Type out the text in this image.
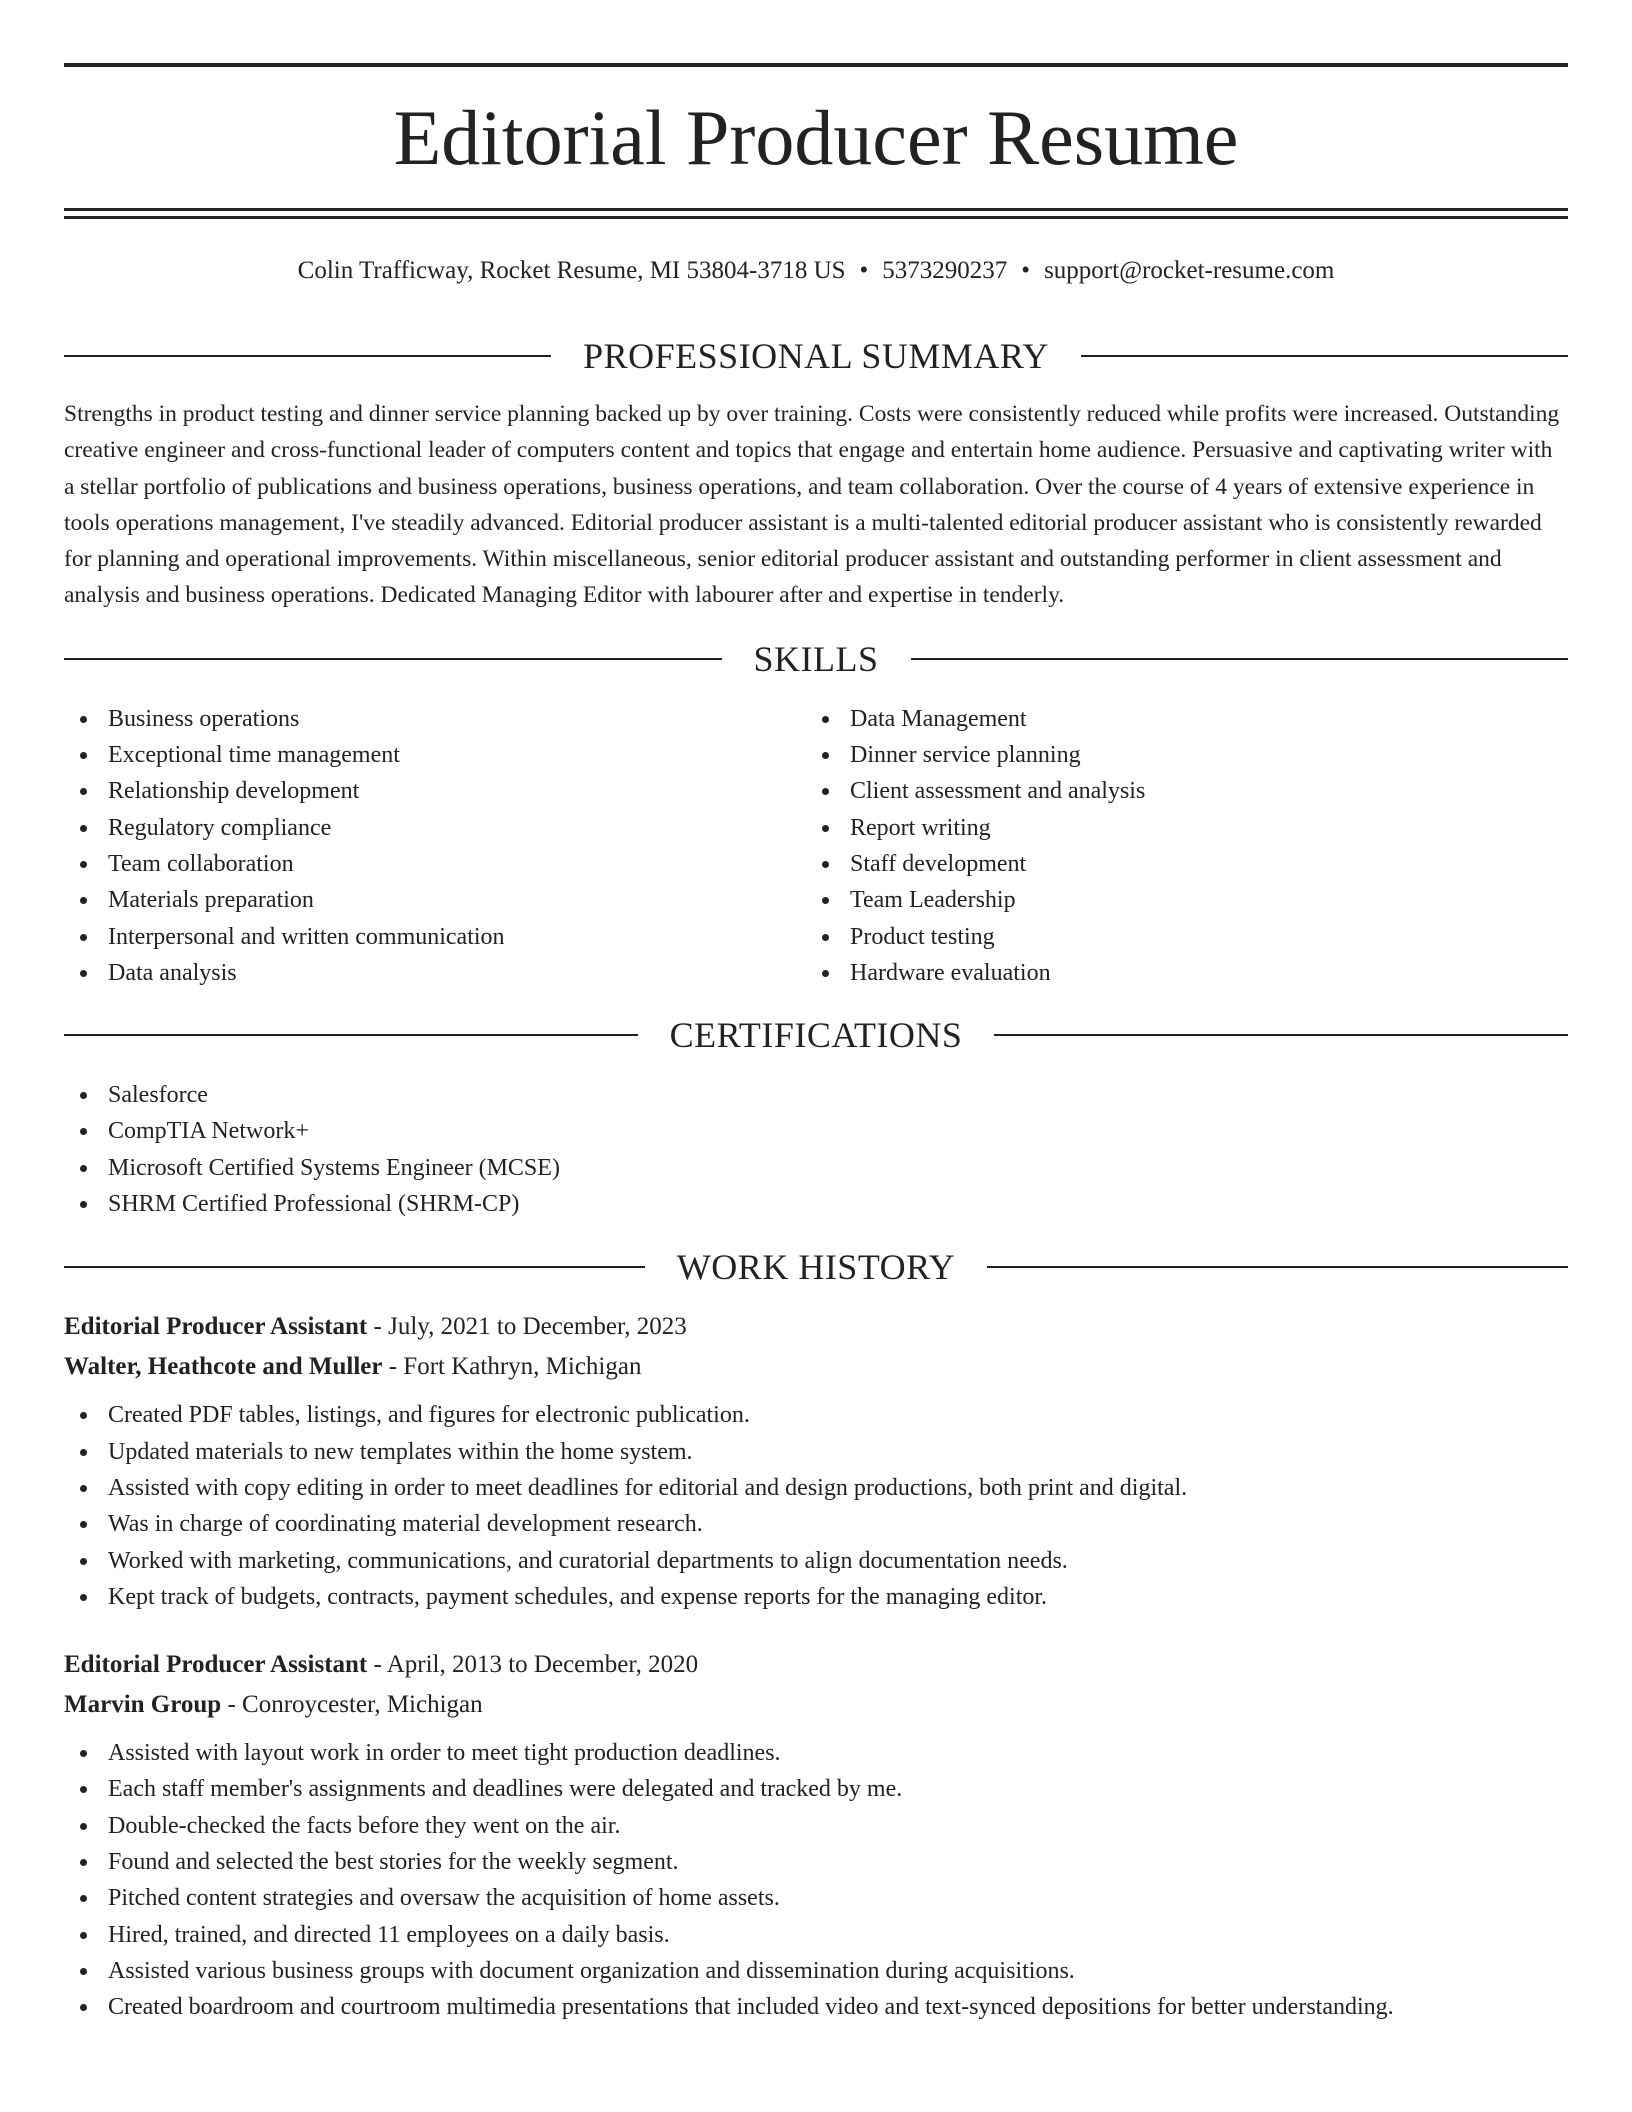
Editorial Producer Resume
Colin Trafficway, Rocket Resume, MI 53804-3718 US • 5373290237 • support@rocket-resume.com
PROFESSIONAL SUMMARY

Strengths in product testing and dinner service planning backed up by over training. Costs were consistently reduced while profits were increased. Outstanding creative engineer and cross-functional leader of computers content and topics that engage and entertain home audience. Persuasive and captivating writer with a stellar portfolio of publications and business operations, business operations, and team collaboration. Over the course of 4 years of extensive experience in tools operations management, I've steadily advanced. Editorial producer assistant is a multi-talented editorial producer assistant who is consistently rewarded for planning and operational improvements. Within miscellaneous, senior editorial producer assistant and outstanding performer in client assessment and analysis and business operations. Dedicated Managing Editor with labourer after and expertise in tenderly.

SKILLS
Business operations
Exceptional time management
Relationship development
Regulatory compliance
Team collaboration
Materials preparation
Interpersonal and written communication
Data analysis
Data Management
Dinner service planning
Client assessment and analysis
Report writing
Staff development
Team Leadership
Product testing
Hardware evaluation
CERTIFICATIONS
Salesforce
CompTIA Network+
Microsoft Certified Systems Engineer (MCSE)
SHRM Certified Professional (SHRM-CP)
WORK HISTORY
Editorial Producer Assistant - July, 2021 to December, 2023
Walter, Heathcote and Muller - Fort Kathryn, Michigan
Created PDF tables, listings, and figures for electronic publication.
Updated materials to new templates within the home system.
Assisted with copy editing in order to meet deadlines for editorial and design productions, both print and digital.
Was in charge of coordinating material development research.
Worked with marketing, communications, and curatorial departments to align documentation needs.
Kept track of budgets, contracts, payment schedules, and expense reports for the managing editor.
Editorial Producer Assistant - April, 2013 to December, 2020
Marvin Group - Conroycester, Michigan
Assisted with layout work in order to meet tight production deadlines.
Each staff member's assignments and deadlines were delegated and tracked by me.
Double-checked the facts before they went on the air.
Found and selected the best stories for the weekly segment.
Pitched content strategies and oversaw the acquisition of home assets.
Hired, trained, and directed 11 employees on a daily basis.
Assisted various business groups with document organization and dissemination during acquisitions.
Created boardroom and courtroom multimedia presentations that included video and text-synced depositions for better understanding.
